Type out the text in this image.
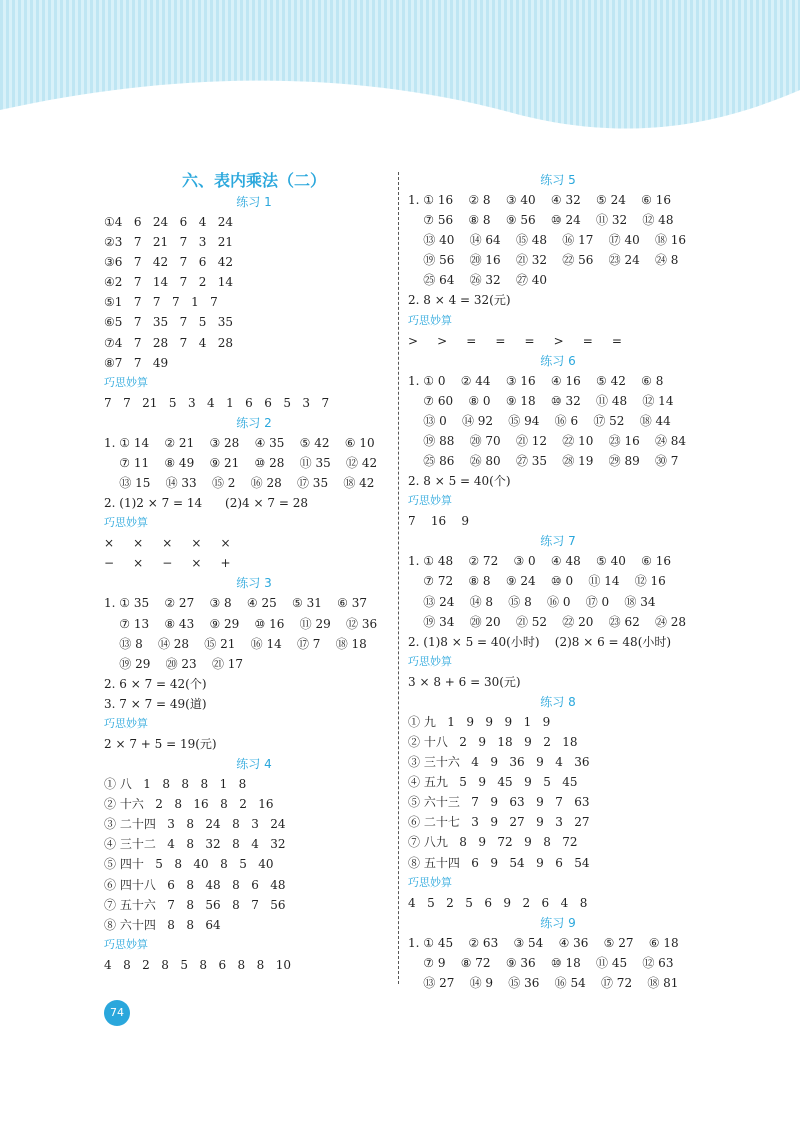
六、表内乘法（二）
练习 1
①4   6   24   6   4   24
②3   7   21   7   3   21
③6   7   42   7   6   42
④2   7   14   7   2   14
⑤1   7   7   7   1   7
⑥5   7   35   7   5   35
⑦4   7   28   7   4   28
⑧7   7   49
巧思妙算
7   7   21   5   3   4   1   6   6   5   3   7
练习 2
1. ① 14    ② 21    ③ 28    ④ 35    ⑤ 42    ⑥ 10
⑦ 11    ⑧ 49    ⑨ 21    ⑩ 28    ⑪ 35    ⑫ 42
⑬ 15    ⑭ 33    ⑮ 2    ⑯ 28    ⑰ 35    ⑱ 42
2. (1)2 × 7 = 14      (2)4 × 7 = 28
巧思妙算
×     ×     ×     ×     ×
−     ×     −     ×     +
练习 3
1. ① 35    ② 27    ③ 8    ④ 25    ⑤ 31    ⑥ 37
⑦ 13    ⑧ 43    ⑨ 29    ⑩ 16    ⑪ 29    ⑫ 36
⑬ 8    ⑭ 28    ⑮ 21    ⑯ 14    ⑰ 7    ⑱ 18
⑲ 29    ⑳ 23    ㉑ 17
2. 6 × 7 = 42(个)
3. 7 × 7 = 49(道)
巧思妙算
2 × 7 + 5 = 19(元)
练习 4
① 八   1   8   8   8   1   8
② 十六   2   8   16   8   2   16
③ 二十四   3   8   24   8   3   24
④ 三十二   4   8   32   8   4   32
⑤ 四十   5   8   40   8   5   40
⑥ 四十八   6   8   48   8   6   48
⑦ 五十六   7   8   56   8   7   56
⑧ 六十四   8   8   64
巧思妙算
4   8   2   8   5   8   6   8   8   10
练习 5
1. ① 16    ② 8    ③ 40    ④ 32    ⑤ 24    ⑥ 16
⑦ 56    ⑧ 8    ⑨ 56    ⑩ 24    ⑪ 32    ⑫ 48
⑬ 40    ⑭ 64    ⑮ 48    ⑯ 17    ⑰ 40    ⑱ 16
⑲ 56    ⑳ 16    ㉑ 32    ㉒ 56    ㉓ 24    ㉔ 8
㉕ 64    ㉖ 32    ㉗ 40
2. 8 × 4 = 32(元)
巧思妙算
>     >     =     =     =     >     =     =
练习 6
1. ① 0    ② 44    ③ 16    ④ 16    ⑤ 42    ⑥ 8
⑦ 60    ⑧ 0    ⑨ 18    ⑩ 32    ⑪ 48    ⑫ 14
⑬ 0    ⑭ 92    ⑮ 94    ⑯ 6    ⑰ 52    ⑱ 44
⑲ 88    ⑳ 70    ㉑ 12    ㉒ 10    ㉓ 16    ㉔ 84
㉕ 86    ㉖ 80    ㉗ 35    ㉘ 19    ㉙ 89    ㉚ 7
2. 8 × 5 = 40(个)
巧思妙算
7    16    9
练习 7
1. ① 48    ② 72    ③ 0    ④ 48    ⑤ 40    ⑥ 16
⑦ 72    ⑧ 8    ⑨ 24    ⑩ 0    ⑪ 14    ⑫ 16
⑬ 24    ⑭ 8    ⑮ 8    ⑯ 0    ⑰ 0    ⑱ 34
⑲ 34    ⑳ 20    ㉑ 52    ㉒ 20    ㉓ 62    ㉔ 28
2. (1)8 × 5 = 40(小时)    (2)8 × 6 = 48(小时)
巧思妙算
3 × 8 + 6 = 30(元)
练习 8
① 九   1   9   9   9   1   9
② 十八   2   9   18   9   2   18
③ 三十六   4   9   36   9   4   36
④ 五九   5   9   45   9   5   45
⑤ 六十三   7   9   63   9   7   63
⑥ 二十七   3   9   27   9   3   27
⑦ 八九   8   9   72   9   8   72
⑧ 五十四   6   9   54   9   6   54
巧思妙算
4   5   2   5   6   9   2   6   4   8
练习 9
1. ① 45    ② 63    ③ 54    ④ 36    ⑤ 27    ⑥ 18
⑦ 9    ⑧ 72    ⑨ 36    ⑩ 18    ⑪ 45    ⑫ 63
⑬ 27    ⑭ 9    ⑮ 36    ⑯ 54    ⑰ 72    ⑱ 81
74
